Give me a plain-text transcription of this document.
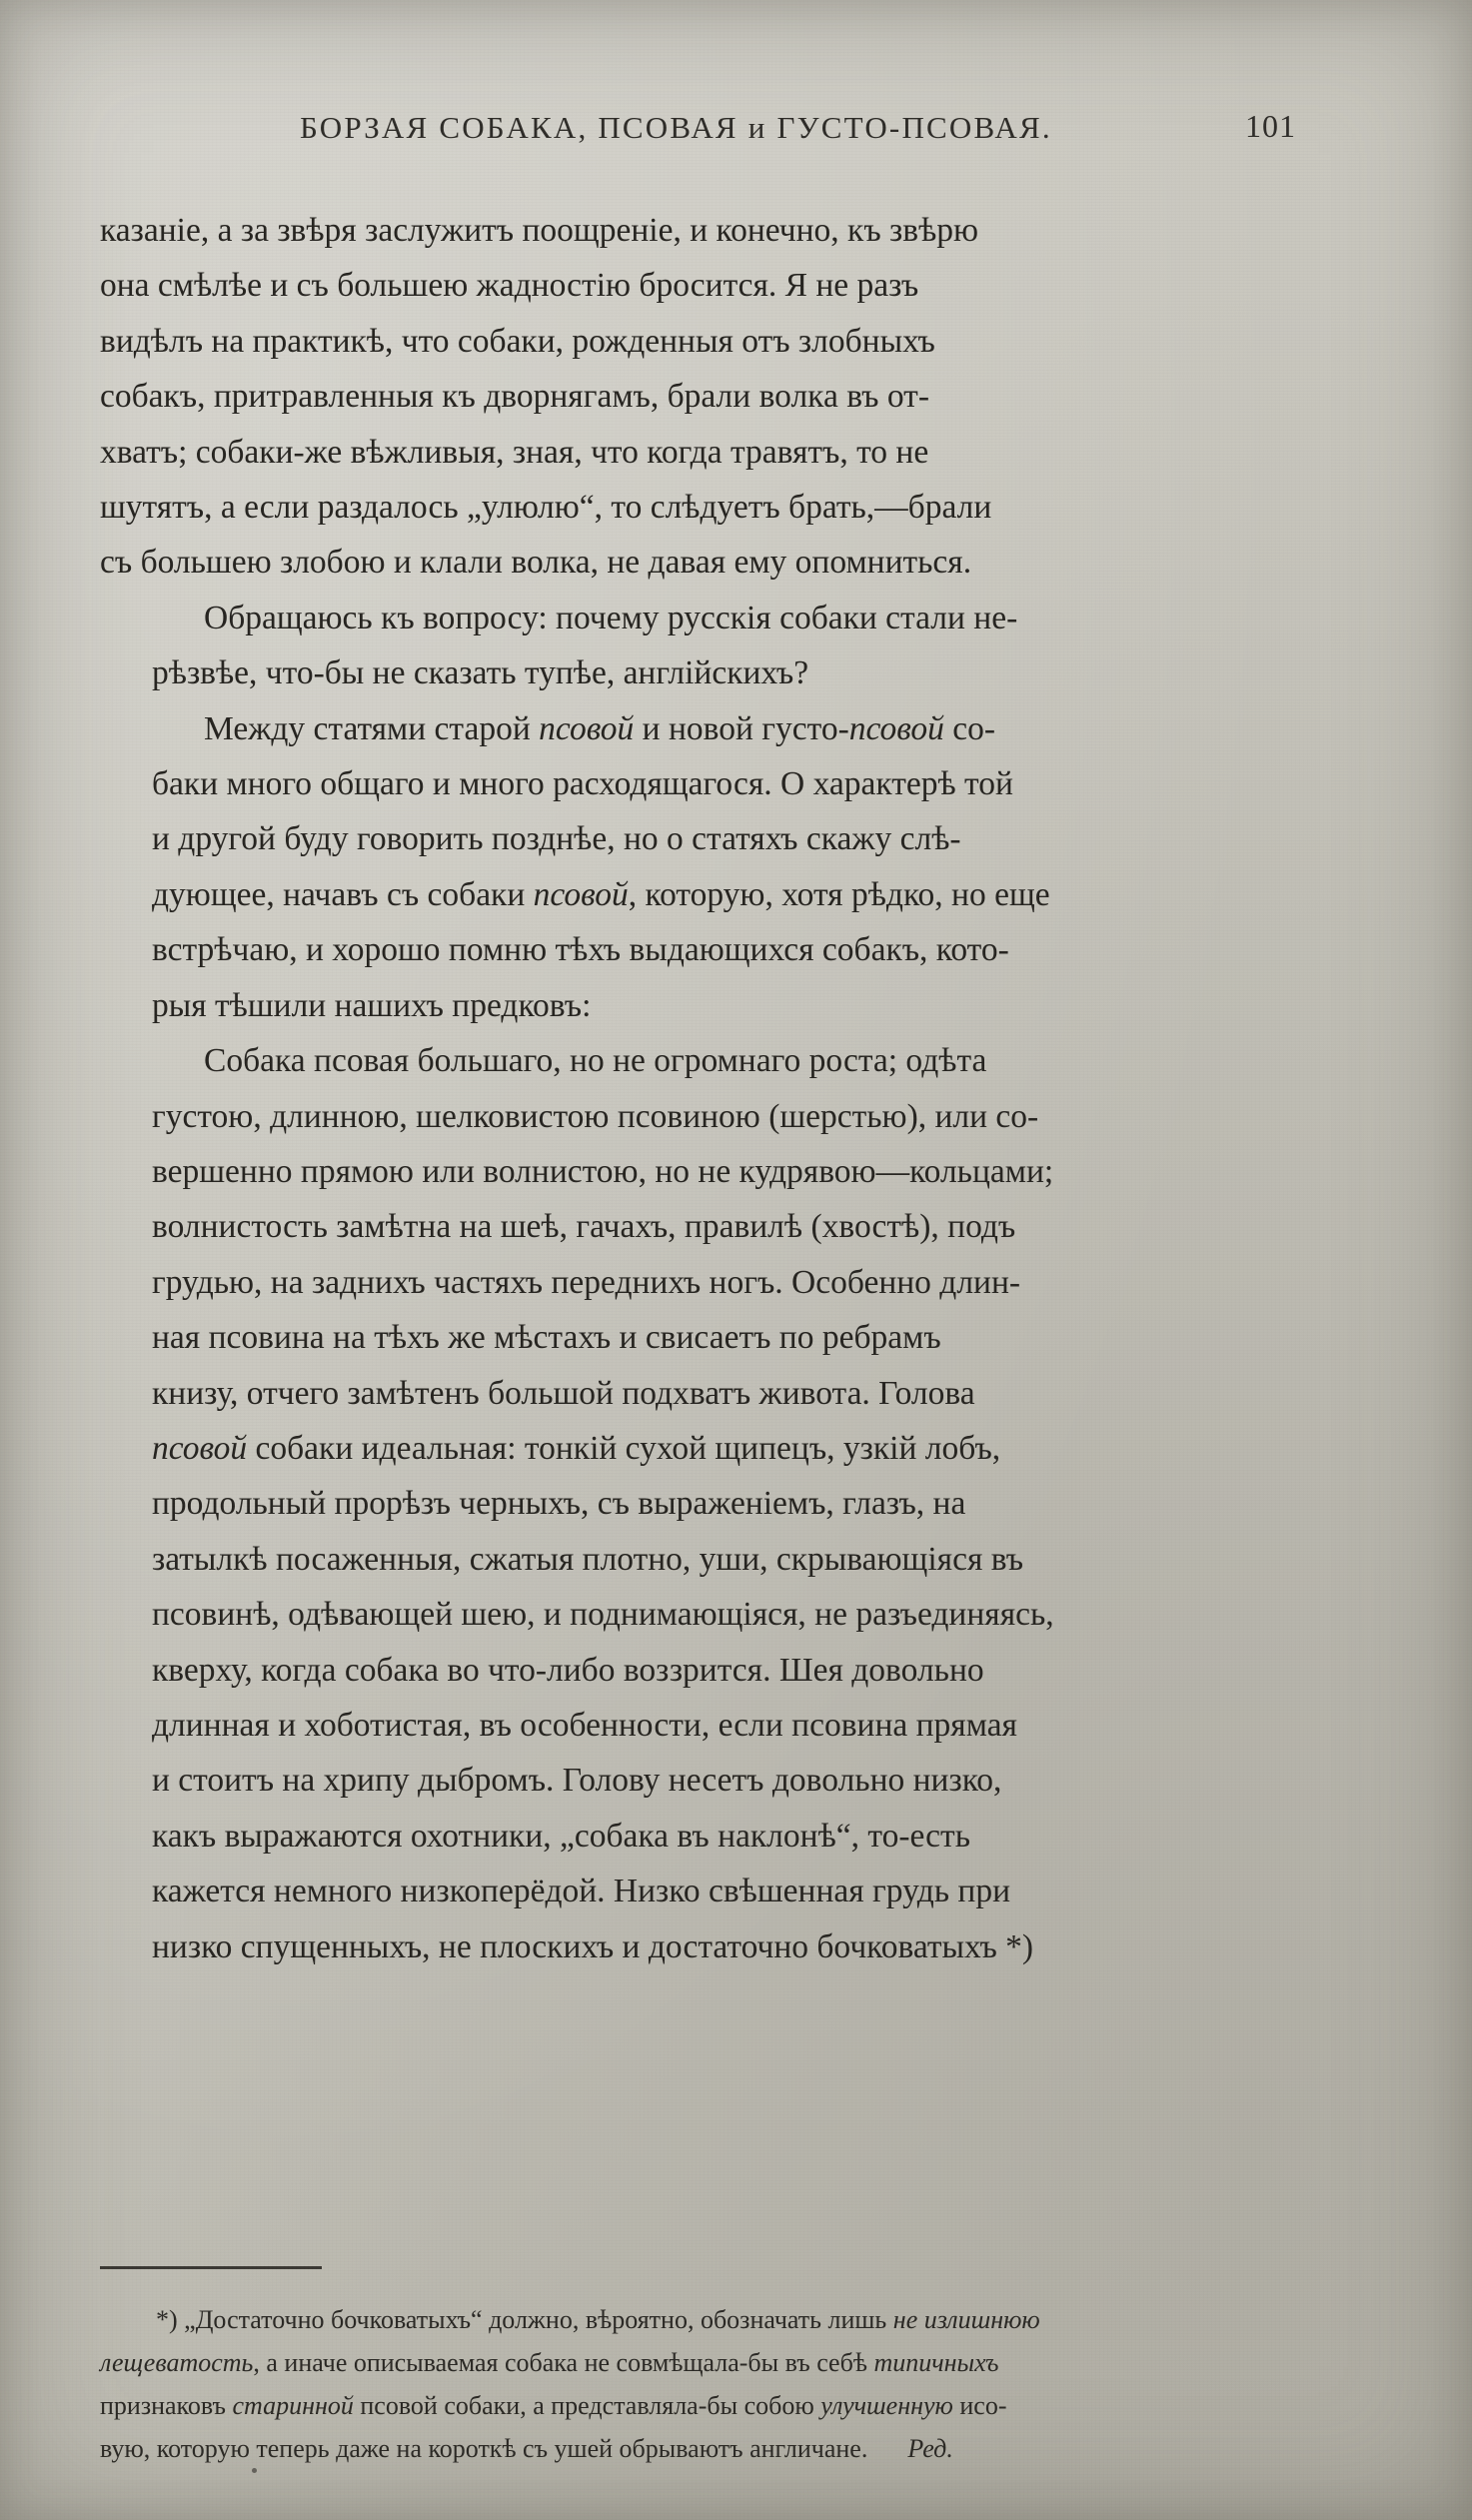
БОРЗАЯ СОБАКА, ПСОВАЯ и ГУСТО-ПСОВАЯ.	101

казаніе, а за звѣря заслужитъ поощреніе, и конечно, къ звѣрю
она смѣлѣе и съ большею жадностію бросится. Я не разъ
видѣлъ на практикѣ, что собаки, рожденныя отъ злобныхъ
собакъ, притравленныя къ дворнягамъ, брали волка въ от-
хватъ; собаки-же вѣжливыя, зная, что когда травятъ, то не
шутятъ, а если раздалось „улюлю“, то слѣдуетъ брать,—брали
съ большею злобою и клали волка, не давая ему опомниться.

Обращаюсь къ вопросу: почему русскія собаки стали не-
рѣзвѣе, что-бы не сказать тупѣе, англійскихъ?

Между статями старой псовой и новой густо-псовой со-
баки много общаго и много расходящагося. О характерѣ той
и другой буду говорить позднѣе, но о статяхъ скажу слѣ-
дующее, начавъ съ собаки псовой, которую, хотя рѣдко, но еще
встрѣчаю, и хорошо помню тѣхъ выдающихся собакъ, кото-
рыя тѣшили нашихъ предковъ:

Собака псовая большаго, но не огромнаго роста; одѣта
густою, длинною, шелковистою псовиною (шерстью), или со-
вершенно прямою или волнистою, но не кудрявою—кольцами;
волнистость замѣтна на шеѣ, гачахъ, правилѣ (хвостѣ), подъ
грудью, на заднихъ частяхъ переднихъ ногъ. Особенно длин-
ная псовина на тѣхъ же мѣстахъ и свисаетъ по ребрамъ
книзу, отчего замѣтенъ большой подхватъ живота. Голова
псовой собаки идеальная: тонкій сухой щипецъ, узкій лобъ,
продольный прорѣзъ черныхъ, съ выраженіемъ, глазъ, на
затылкѣ посаженныя, сжатыя плотно, уши, скрывающіяся въ
псовинѣ, одѣвающей шею, и поднимающіяся, не разъединяясь,
кверху, когда собака во что-либо воззрится. Шея довольно
длинная и хоботистая, въ особенности, если псовина прямая
и стоитъ на хрипу дыбромъ. Голову несетъ довольно низко,
какъ выражаются охотники, „собака въ наклонѣ“, то-есть
кажется немного низкоперёдой. Низко свѣшенная грудь при
низко спущенныхъ, не плоскихъ и достаточно бочковатыхъ *)

*) „Достаточно бочковатыхъ“ должно, вѣроятно, обозначать лишь не излишнюю
лещеватость, а иначе описываемая собака не совмѣщала-бы въ себѣ типичныхъ
признаковъ старинной псовой собаки, а представляла-бы собою улучшенную исо-
вую, которую теперь даже на короткѣ съ ушей обрываютъ англичане.	Ред.
